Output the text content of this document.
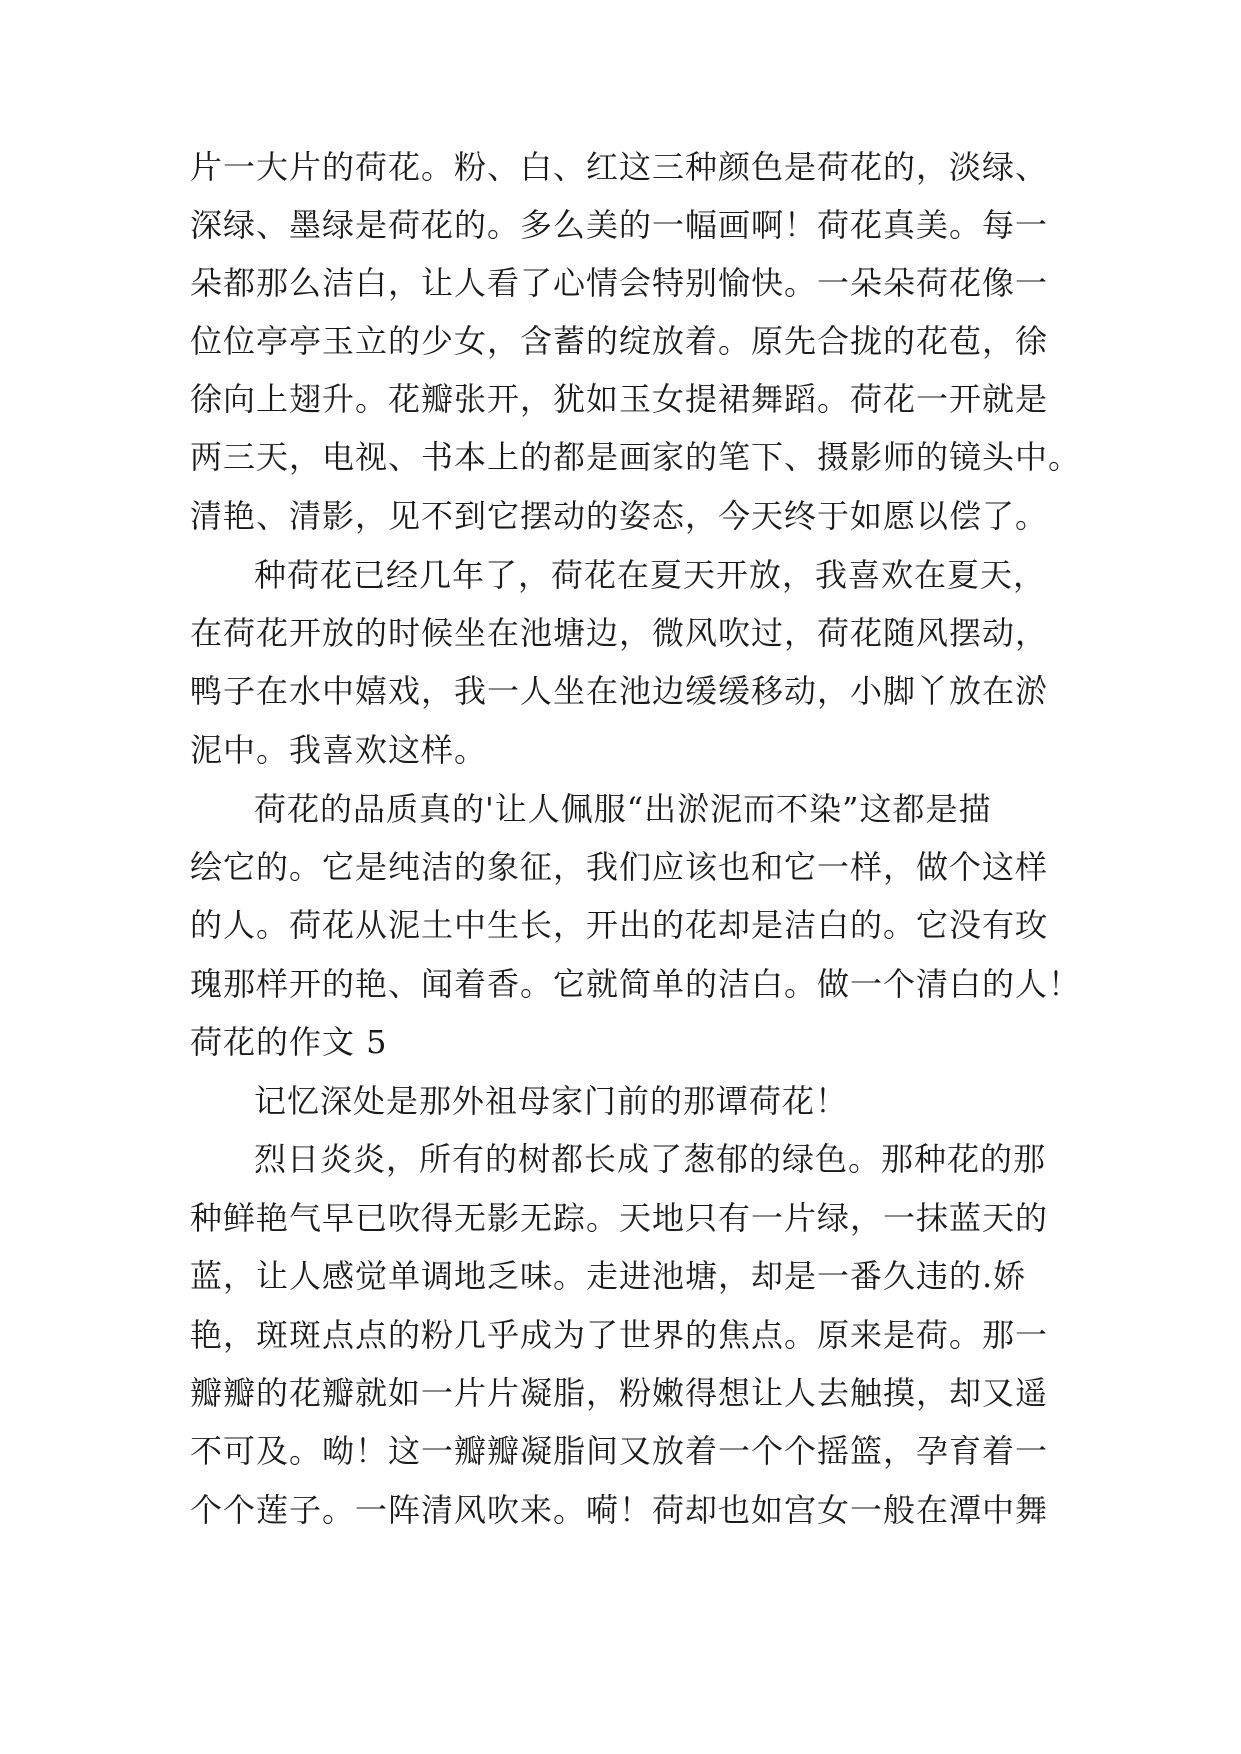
片一大片的荷花。粉、白、红这三种颜色是荷花的，淡绿、
深绿、墨绿是荷花的。多么美的一幅画啊！荷花真美。每一
朵都那么洁白，让人看了心情会特别愉快。一朵朵荷花像一
位位亭亭玉立的少女，含蓄的绽放着。原先合拢的花苞，徐
徐向上翅升。花瓣张开，犹如玉女提裙舞蹈。荷花一开就是
两三天，电视、书本上的都是画家的笔下、摄影师的镜头中。
清艳、清影，见不到它摆动的姿态，今天终于如愿以偿了。
种荷花已经几年了，荷花在夏天开放，我喜欢在夏天，
在荷花开放的时候坐在池塘边，微风吹过，荷花随风摆动，
鸭子在水中嬉戏，我一人坐在池边缓缓移动，小脚丫放在淤
泥中。我喜欢这样。
荷花的品质真的'让人佩服“出淤泥而不染”这都是描
绘它的。它是纯洁的象征，我们应该也和它一样，做个这样
的人。荷花从泥土中生长，开出的花却是洁白的。它没有玫
瑰那样开的艳、闻着香。它就简单的洁白。做一个清白的人！
荷花的作文 5
记忆深处是那外祖母家门前的那谭荷花！
烈日炎炎，所有的树都长成了葱郁的绿色。那种花的那
种鲜艳气早已吹得无影无踪。天地只有一片绿，一抹蓝天的
蓝，让人感觉单调地乏味。走进池塘，却是一番久违的.娇
艳，斑斑点点的粉几乎成为了世界的焦点。原来是荷。那一
瓣瓣的花瓣就如一片片凝脂，粉嫩得想让人去触摸，却又遥
不可及。呦！这一瓣瓣凝脂间又放着一个个摇篮，孕育着一
个个莲子。一阵清风吹来。嗬！荷却也如宫女一般在潭中舞
